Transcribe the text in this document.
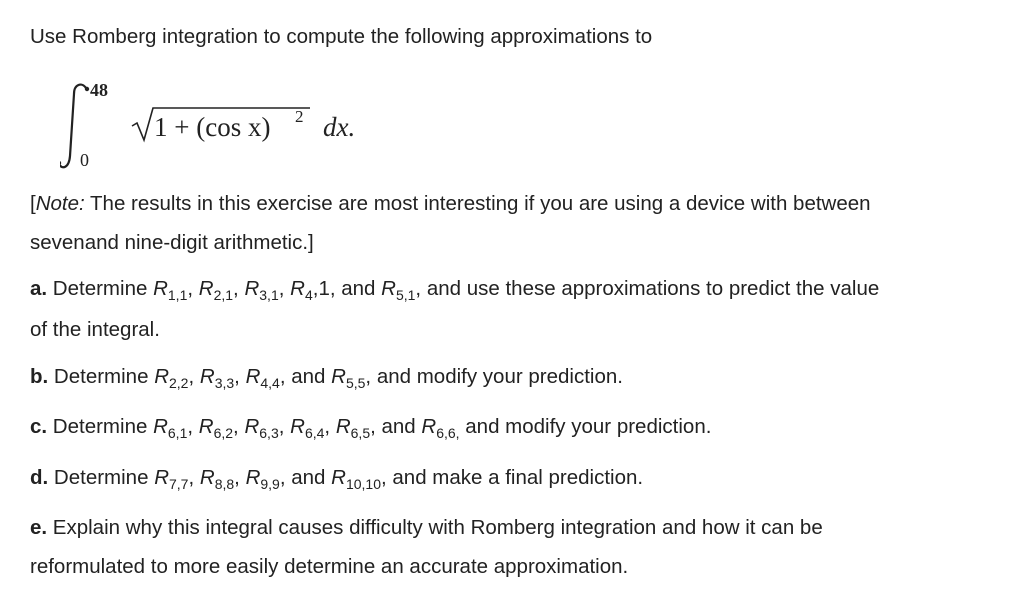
Use Romberg integration to compute the following approximations to
48
0
1 + (cos x) 2 dx.
[Note: The results in this exercise are most interesting if you are using a device with between
sevenand nine-digit arithmetic.]
a. Determine $R_{1,1}$, $R_{2,1}$, $R_{3,1}$, $R_4,1$, and $R_{5,1}$, and use these approximations to predict the value
of the integral.
b. Determine $R_{2,2}$, $R_{3,3}$, $R_{4,4}$, and $R_{5,5}$, and modify your prediction.
c. Determine $R_{6,1}$, $R_{6,2}$, $R_{6,3}$, $R_{6,4}$, $R_{6,5}$, and $R_{6,6,}$ and modify your prediction.
d. Determine $R_{7,7}$, $R_{8,8}$, $R_{9,9}$, and $R_{10,10}$, and make a final prediction.
e. Explain why this integral causes difficulty with Romberg integration and how it can be
reformulated to more easily determine an accurate approximation.
